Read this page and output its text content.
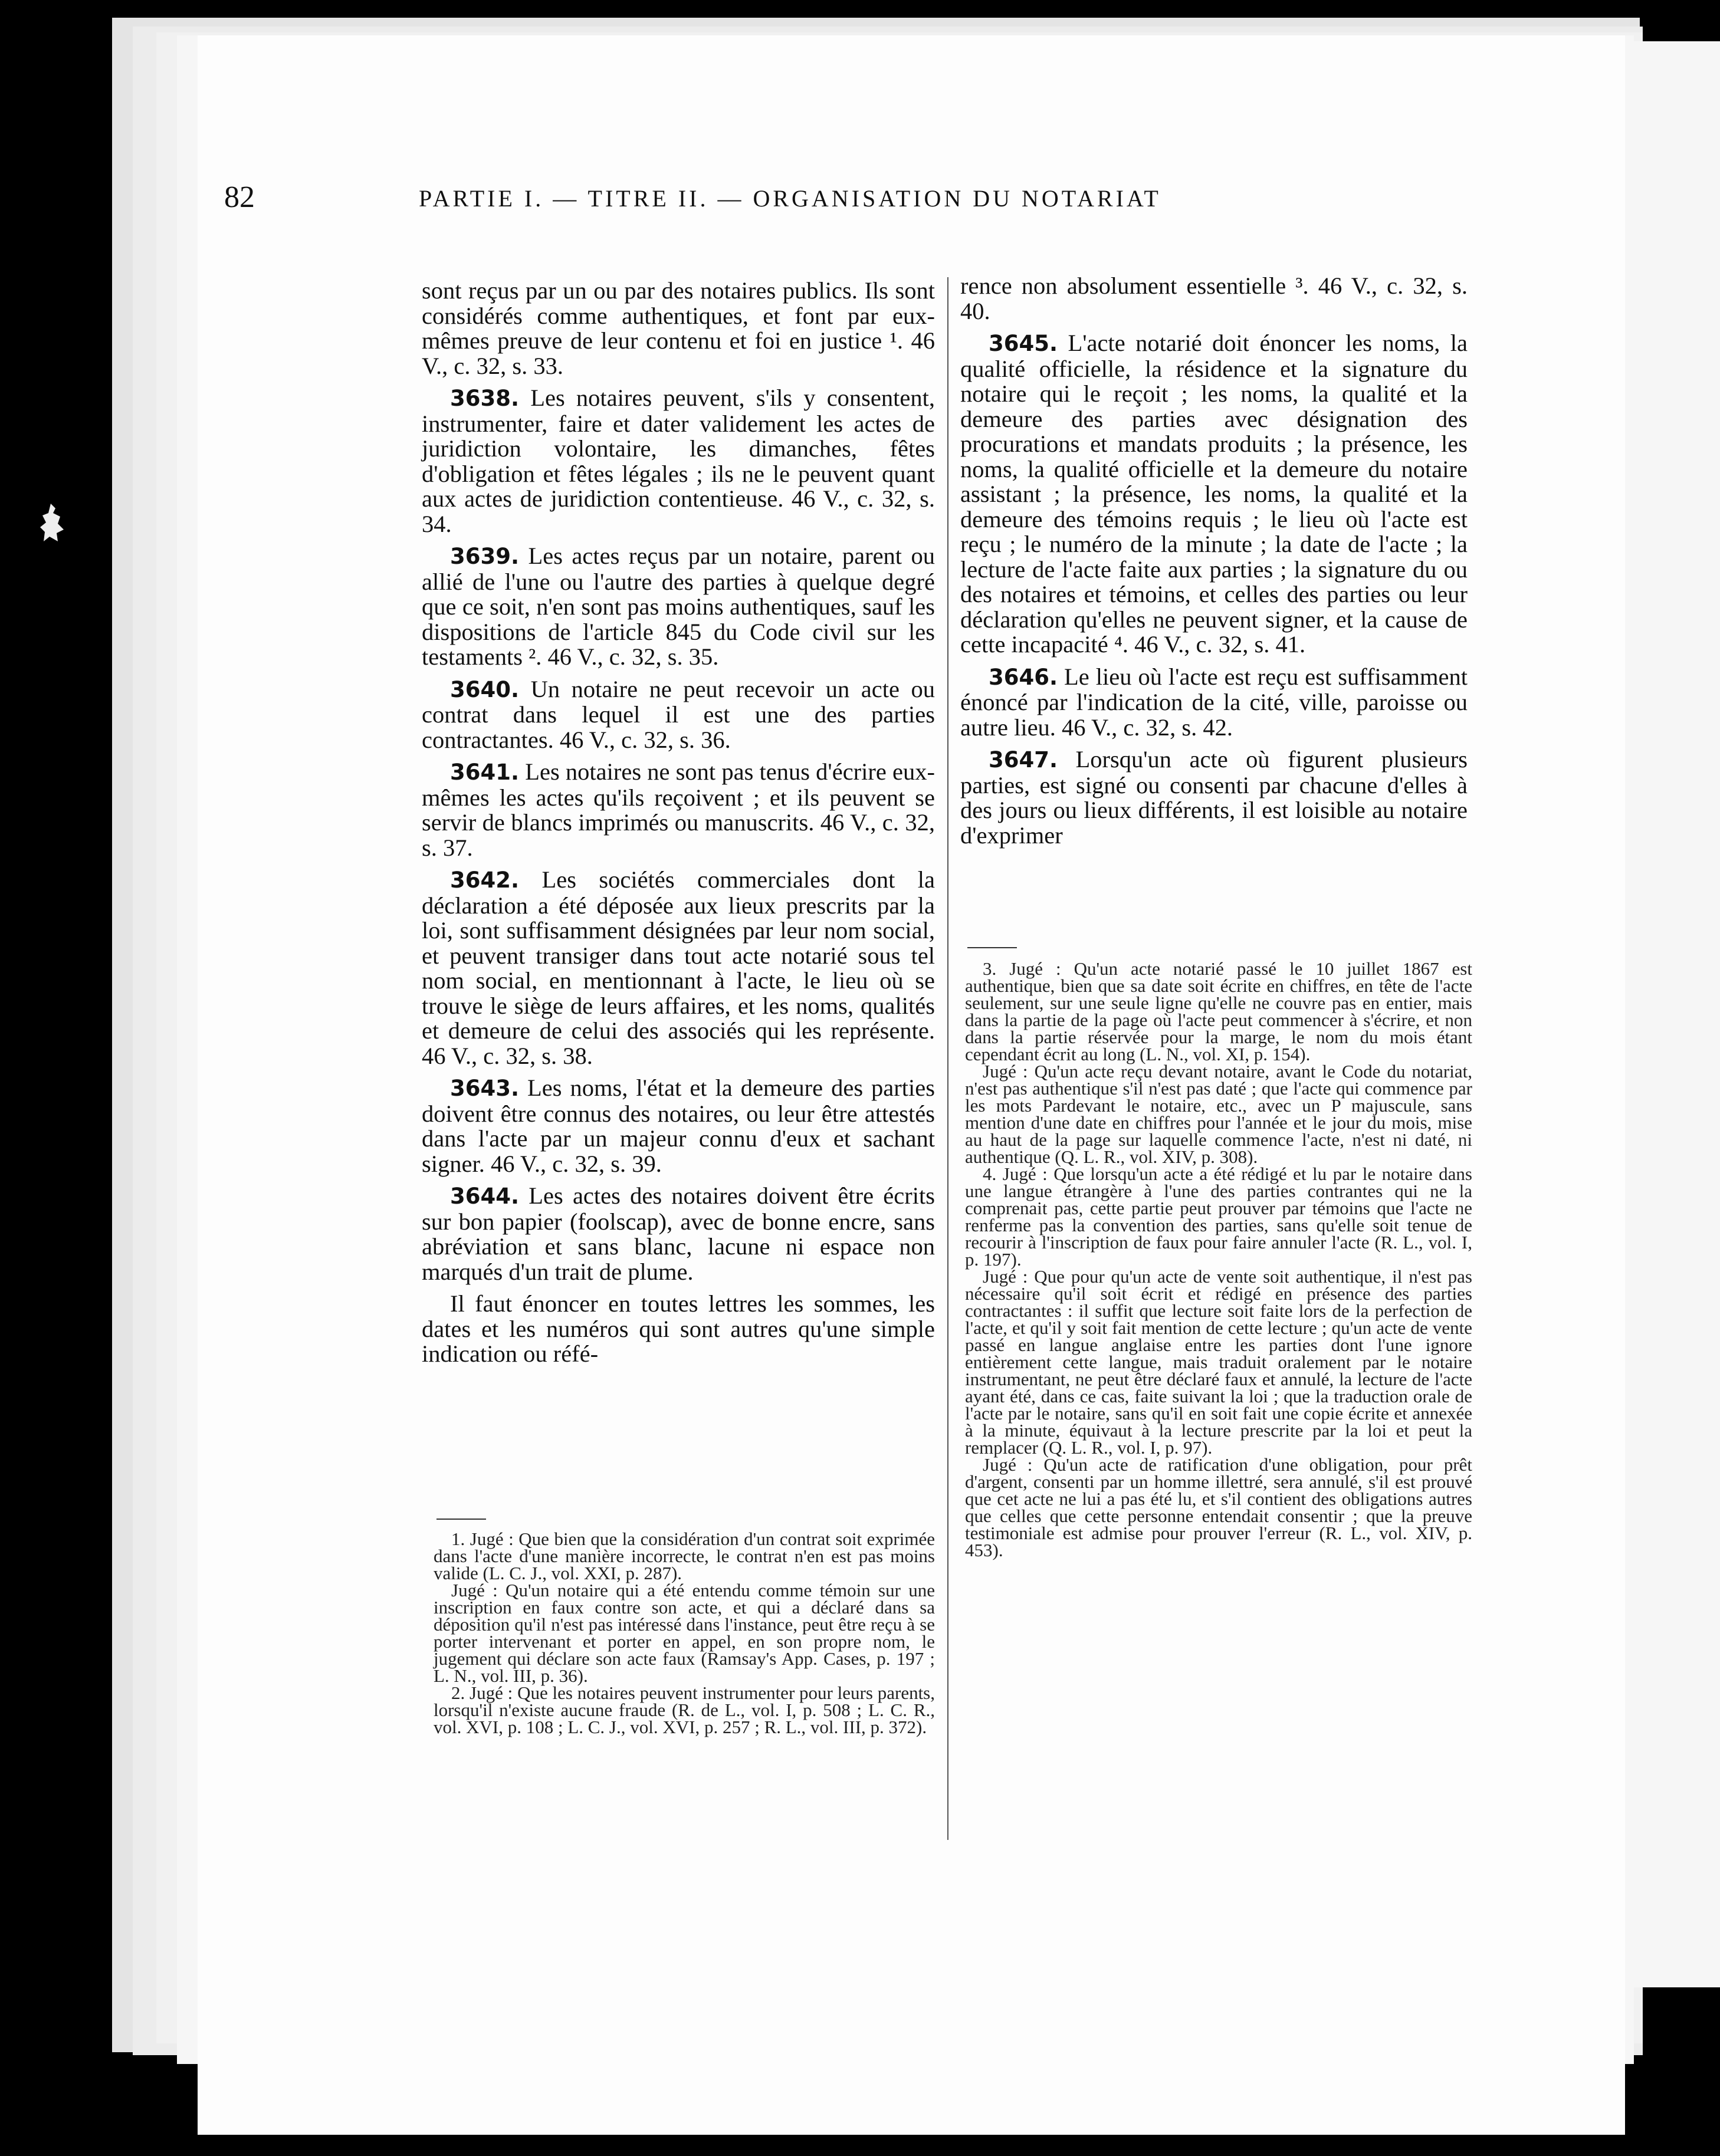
82	PARTIE I. — TITRE II. — ORGANISATION DU NOTARIAT

sont reçus par un ou par des notaires publics. Ils sont considérés comme authentiques, et font par eux-mêmes preuve de leur contenu et foi en justice ¹. 46 V., c. 32, s. 33.

3638. Les notaires peuvent, s'ils y consentent, instrumenter, faire et dater validement les actes de juridiction volontaire, les dimanches, fêtes d'obligation et fêtes légales ; ils ne le peuvent quant aux actes de juridiction contentieuse. 46 V., c. 32, s. 34.

3639. Les actes reçus par un notaire, parent ou allié de l'une ou l'autre des parties à quelque degré que ce soit, n'en sont pas moins authentiques, sauf les dispositions de l'article 845 du Code civil sur les testaments ². 46 V., c. 32, s. 35.

3640. Un notaire ne peut recevoir un acte ou contrat dans lequel il est une des parties contractantes. 46 V., c. 32, s. 36.

3641. Les notaires ne sont pas tenus d'écrire eux-mêmes les actes qu'ils reçoivent ; et ils peuvent se servir de blancs imprimés ou manuscrits. 46 V., c. 32, s. 37.

3642. Les sociétés commerciales dont la déclaration a été déposée aux lieux prescrits par la loi, sont suffisamment désignées par leur nom social, et peuvent transiger dans tout acte notarié sous tel nom social, en mentionnant à l'acte, le lieu où se trouve le siège de leurs affaires, et les noms, qualités et demeure de celui des associés qui les représente. 46 V., c. 32, s. 38.

3643. Les noms, l'état et la demeure des parties doivent être connus des notaires, ou leur être attestés dans l'acte par un majeur connu d'eux et sachant signer. 46 V., c. 32, s. 39.

3644. Les actes des notaires doivent être écrits sur bon papier (foolscap), avec de bonne encre, sans abréviation et sans blanc, lacune ni espace non marqués d'un trait de plume.

Il faut énoncer en toutes lettres les sommes, les dates et les numéros qui sont autres qu'une simple indication ou réfé-

rence non absolument essentielle ³. 46 V., c. 32, s. 40.

3645. L'acte notarié doit énoncer les noms, la qualité officielle, la résidence et la signature du notaire qui le reçoit ; les noms, la qualité et la demeure des parties avec désignation des procurations et mandats produits ; la présence, les noms, la qualité officielle et la demeure du notaire assistant ; la présence, les noms, la qualité et la demeure des témoins requis ; le lieu où l'acte est reçu ; le numéro de la minute ; la date de l'acte ; la lecture de l'acte faite aux parties ; la signature du ou des notaires et témoins, et celles des parties ou leur déclaration qu'elles ne peuvent signer, et la cause de cette incapacité ⁴. 46 V., c. 32, s. 41.

3646. Le lieu où l'acte est reçu est suffisamment énoncé par l'indication de la cité, ville, paroisse ou autre lieu. 46 V., c. 32, s. 42.

3647. Lorsqu'un acte où figurent plusieurs parties, est signé ou consenti par chacune d'elles à des jours ou lieux différents, il est loisible au notaire d'exprimer

1. Jugé : Que bien que la considération d'un contrat soit exprimée dans l'acte d'une manière incorrecte, le contrat n'en est pas moins valide (L. C. J., vol. XXI, p. 287).

Jugé : Qu'un notaire qui a été entendu comme témoin sur une inscription en faux contre son acte, et qui a déclaré dans sa déposition qu'il n'est pas intéressé dans l'instance, peut être reçu à se porter intervenant et porter en appel, en son propre nom, le jugement qui déclare son acte faux (Ramsay's App. Cases, p. 197 ; L. N., vol. III, p. 36).

2. Jugé : Que les notaires peuvent instrumenter pour leurs parents, lorsqu'il n'existe aucune fraude (R. de L., vol. I, p. 508 ; L. C. R., vol. XVI, p. 108 ; L. C. J., vol. XVI, p. 257 ; R. L., vol. III, p. 372).

3. Jugé : Qu'un acte notarié passé le 10 juillet 1867 est authentique, bien que sa date soit écrite en chiffres, en tête de l'acte seulement, sur une seule ligne qu'elle ne couvre pas en entier, mais dans la partie de la page où l'acte peut commencer à s'écrire, et non dans la partie réservée pour la marge, le nom du mois étant cependant écrit au long (L. N., vol. XI, p. 154).

Jugé : Qu'un acte reçu devant notaire, avant le Code du notariat, n'est pas authentique s'il n'est pas daté ; que l'acte qui commence par les mots Pardevant le notaire, etc., avec un P majuscule, sans mention d'une date en chiffres pour l'année et le jour du mois, mise au haut de la page sur laquelle commence l'acte, n'est ni daté, ni authentique (Q. L. R., vol. XIV, p. 308).

4. Jugé : Que lorsqu'un acte a été rédigé et lu par le notaire dans une langue étrangère à l'une des parties contrantes qui ne la comprenait pas, cette partie peut prouver par témoins que l'acte ne renferme pas la convention des parties, sans qu'elle soit tenue de recourir à l'inscription de faux pour faire annuler l'acte (R. L., vol. I, p. 197).

Jugé : Que pour qu'un acte de vente soit authentique, il n'est pas nécessaire qu'il soit écrit et rédigé en présence des parties contractantes : il suffit que lecture soit faite lors de la perfection de l'acte, et qu'il y soit fait mention de cette lecture ; qu'un acte de vente passé en langue anglaise entre les parties dont l'une ignore entièrement cette langue, mais traduit oralement par le notaire instrumentant, ne peut être déclaré faux et annulé, la lecture de l'acte ayant été, dans ce cas, faite suivant la loi ; que la traduction orale de l'acte par le notaire, sans qu'il en soit fait une copie écrite et annexée à la minute, équivaut à la lecture prescrite par la loi et peut la remplacer (Q. L. R., vol. I, p. 97).

Jugé : Qu'un acte de ratification d'une obligation, pour prêt d'argent, consenti par un homme illettré, sera annulé, s'il est prouvé que cet acte ne lui a pas été lu, et s'il contient des obligations autres que celles que cette personne entendait consentir ; que la preuve testimoniale est admise pour prouver l'erreur (R. L., vol. XIV, p. 453).
